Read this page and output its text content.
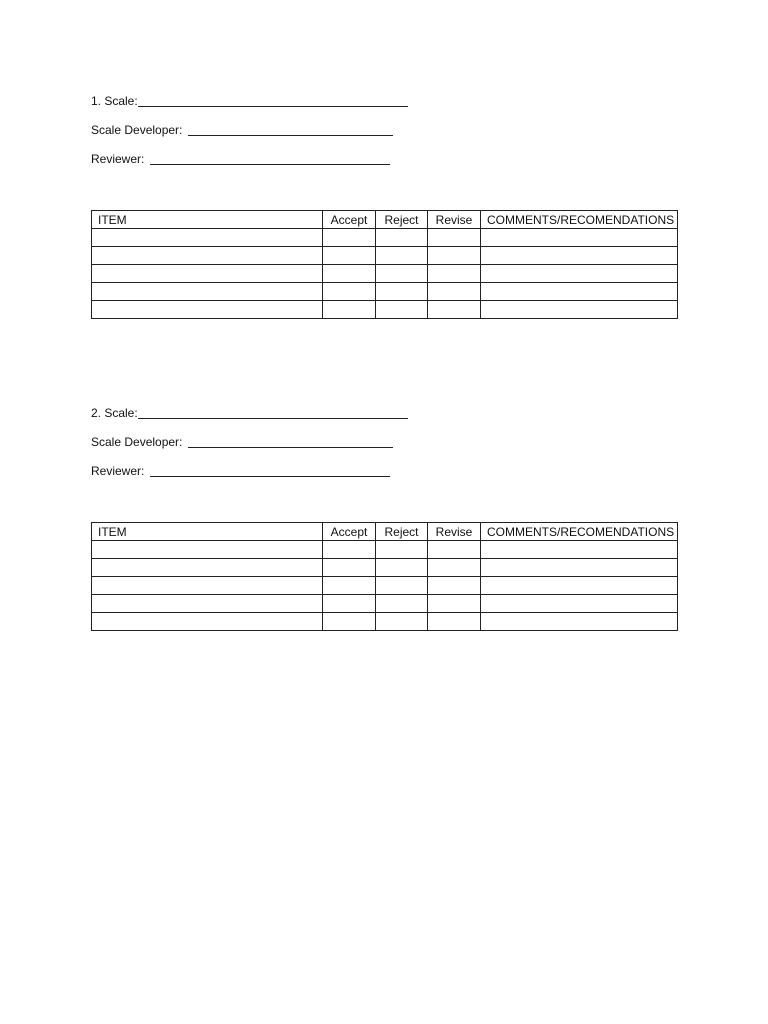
1. Scale:

Scale Developer:

Reviewer:

ITEM	Accept	Reject	Revise	COMMENTS/RECOMENDATIONS

2. Scale:

Scale Developer:

Reviewer:

ITEM	Accept	Reject	Revise	COMMENTS/RECOMENDATIONS
